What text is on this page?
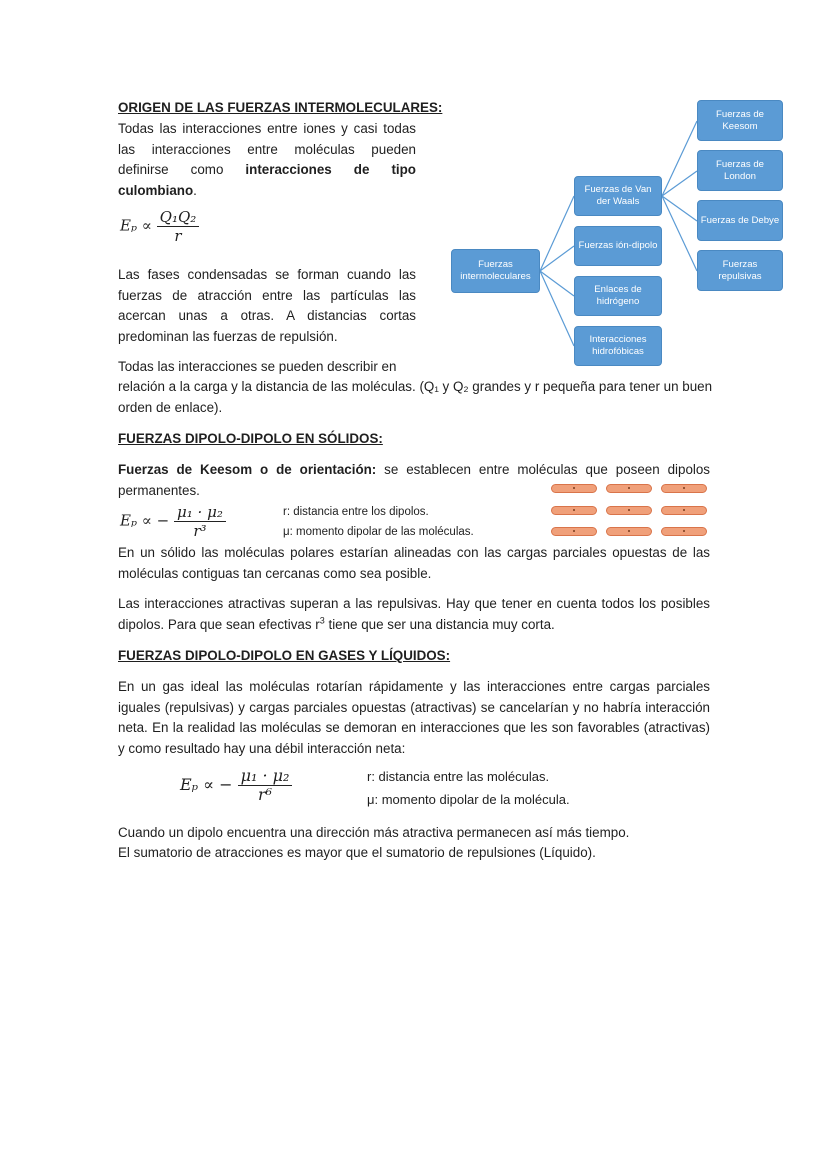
ORIGEN DE LAS FUERZAS INTERMOLECULARES:
Todas las interacciones entre iones y casi todas las interacciones entre moléculas pueden definirse como interacciones de tipo culombiano.
$E_p \propto \frac{\text{Q₁Q₂}}{r}$
Las fases condensadas se forman cuando las fuerzas de atracción entre las partículas las acercan unas a otras. A distancias cortas predominan las fuerzas de repulsión.
Todas las interacciones se pueden describir en
relación a la carga y la distancia de las moléculas. (Q₁ y Q₂ grandes y r pequeña para tener un buen orden de enlace).
Fuerzas intermoleculares
Fuerzas de Van der Waals
Fuerzas ión-dipolo
Enlaces de hidrógeno
Interacciones hidrofóbicas
Fuerzas de Keesom
Fuerzas de London
Fuerzas de Debye
Fuerzas repulsivas
FUERZAS DIPOLO-DIPOLO EN SÓLIDOS:
Fuerzas de Keesom o de orientación: se establecen entre moléculas que poseen dipolos permanentes.
Eₚ ∝ − $\frac{\text{μ₁ · μ₂}}{\text{r³}}$	r: distancia entre los dipolos.
μ: momento dipolar de las moléculas.
En un sólido las moléculas polares estarían alineadas con las cargas parciales opuestas de las moléculas contiguas tan cercanas como sea posible.
Las interacciones atractivas superan a las repulsivas. Hay que tener en cuenta todos los posibles dipolos. Para que sean efectivas $r^3$ tiene que ser una distancia muy corta.
FUERZAS DIPOLO-DIPOLO EN GASES Y LÍQUIDOS:
En un gas ideal las moléculas rotarían rápidamente y las interacciones entre cargas parciales iguales (repulsivas) y cargas parciales opuestas (atractivas) se cancelarían y no habría interacción neta. En la realidad las moléculas se demoran en interacciones que les son favorables (atractivas) y como resultado hay una débil interacción neta:
Eₚ ∝ − $\frac{\text{μ₁ · μ₂}}{\text{r⁶}}$	r: distancia entre las moléculas.
μ: momento dipolar de la molécula.
Cuando un dipolo encuentra una dirección más atractiva permanecen así más tiempo.
El sumatorio de atracciones es mayor que el sumatorio de repulsiones (Líquido).
